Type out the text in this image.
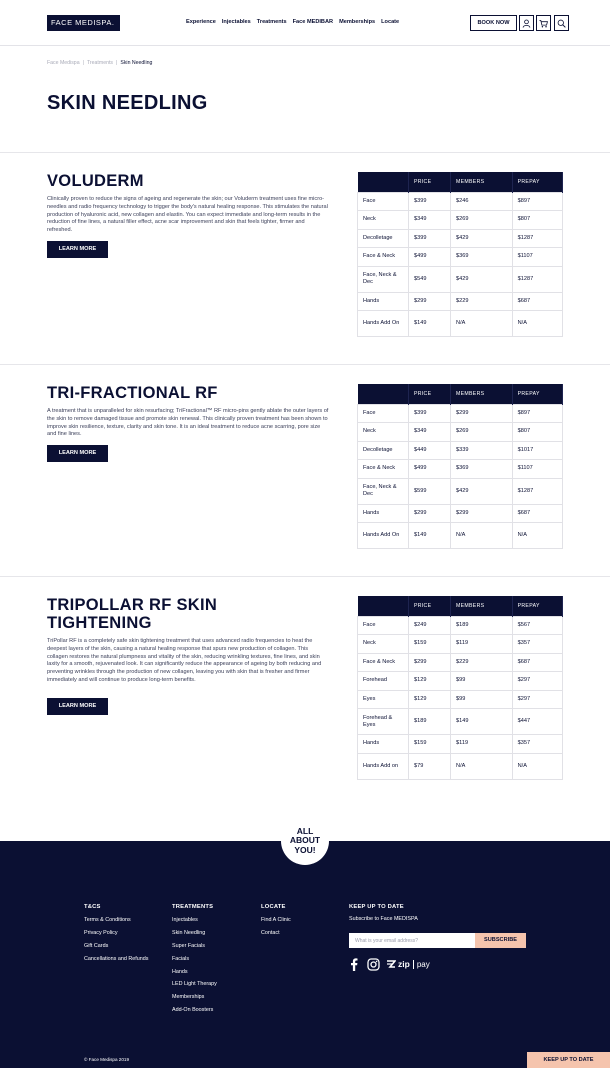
FACE MEDISPA.	Experience Injectables Treatments Face MEDIBAR Memberships Locate	BOOK NOW
Face Medispa | Treatments | Skin Needling
SKIN NEEDLING
VOLUDERM

Clinically proven to reduce the signs of ageing and regenerate the skin; our Voluderm treatment uses fine micro-needles and radio frequency technology to trigger the body's natural healing response. This stimulates the natural production of hyaluronic acid, new collagen and elastin. You can expect immediate and long-term results in the reduction of fine lines, a natural filler effect, acne scar improvement and skin that feels tighter, firmer and refreshed.

LEARN MORE
	PRICE	MEMBERS	PREPAY
Face	$399	$246	$897
Neck	$349	$269	$807
Decolletage	$399	$429	$1287
Face & Neck	$499	$369	$1107
Face, Neck & Dec	$549	$429	$1287
Hands	$299	$229	$687
Hands Add On	$149	N/A	N/A
TRI-FRACTIONAL RF

A treatment that is unparalleled for skin resurfacing; TriFractional™ RF micro-pins gently ablate the outer layers of the skin to remove damaged tissue and promote skin renewal. This clinically proven treatment has been shown to improve skin resilience, texture, clarity and skin tone. It is an ideal treatment to reduce acne scarring, pore size and fine lines.

LEARN MORE
	PRICE	MEMBERS	PREPAY
Face	$399	$299	$897
Neck	$349	$269	$807
Decolletage	$449	$339	$1017
Face & Neck	$499	$369	$1107
Face, Neck & Dec	$599	$429	$1287
Hands	$299	$299	$687
Hands Add On	$149	N/A	N/A
TRIPOLLAR RF SKIN TIGHTENING

TriPollar RF is a completely safe skin tightening treatment that uses advanced radio frequencies to heat the deepest layers of the skin, causing a natural healing response that spurs new production of collagen. This collagen restores the natural plumpness and vitality of the skin, reducing wrinkling textures, fine lines, and skin laxity for a smooth, rejuvenated look. It can significantly reduce the appearance of ageing by both reducing and preventing wrinkles through the production of new collagen, leaving you with skin that is fresher and firmer immediately and will continue to produce long-term benefits.

LEARN MORE
	PRICE	MEMBERS	PREPAY
Face	$249	$189	$567
Neck	$159	$119	$357
Face & Neck	$299	$229	$687
Forehead	$129	$99	$297
Eyes	$129	$99	$297
Forehead & Eyes	$189	$149	$447
Hands	$159	$119	$357
Hands Add on	$79	N/A	N/A
ALL
ABOUT
YOU!
T&CS
Terms & Conditions
Privacy Policy
Gift Cards
Cancellations and Refunds
TREATMENTS
Injectables
Skin Needling
Super Facials
Facials
Hands
LED Light Therapy
Memberships
Add-On Boosters
LOCATE
Find A Clinic
Contact
KEEP UP TO DATE
Subscribe to Face MEDISPA
What is your email address?
SUBSCRIBE
zip pay
© Face Medispa 2019	KEEP UP TO DATE
